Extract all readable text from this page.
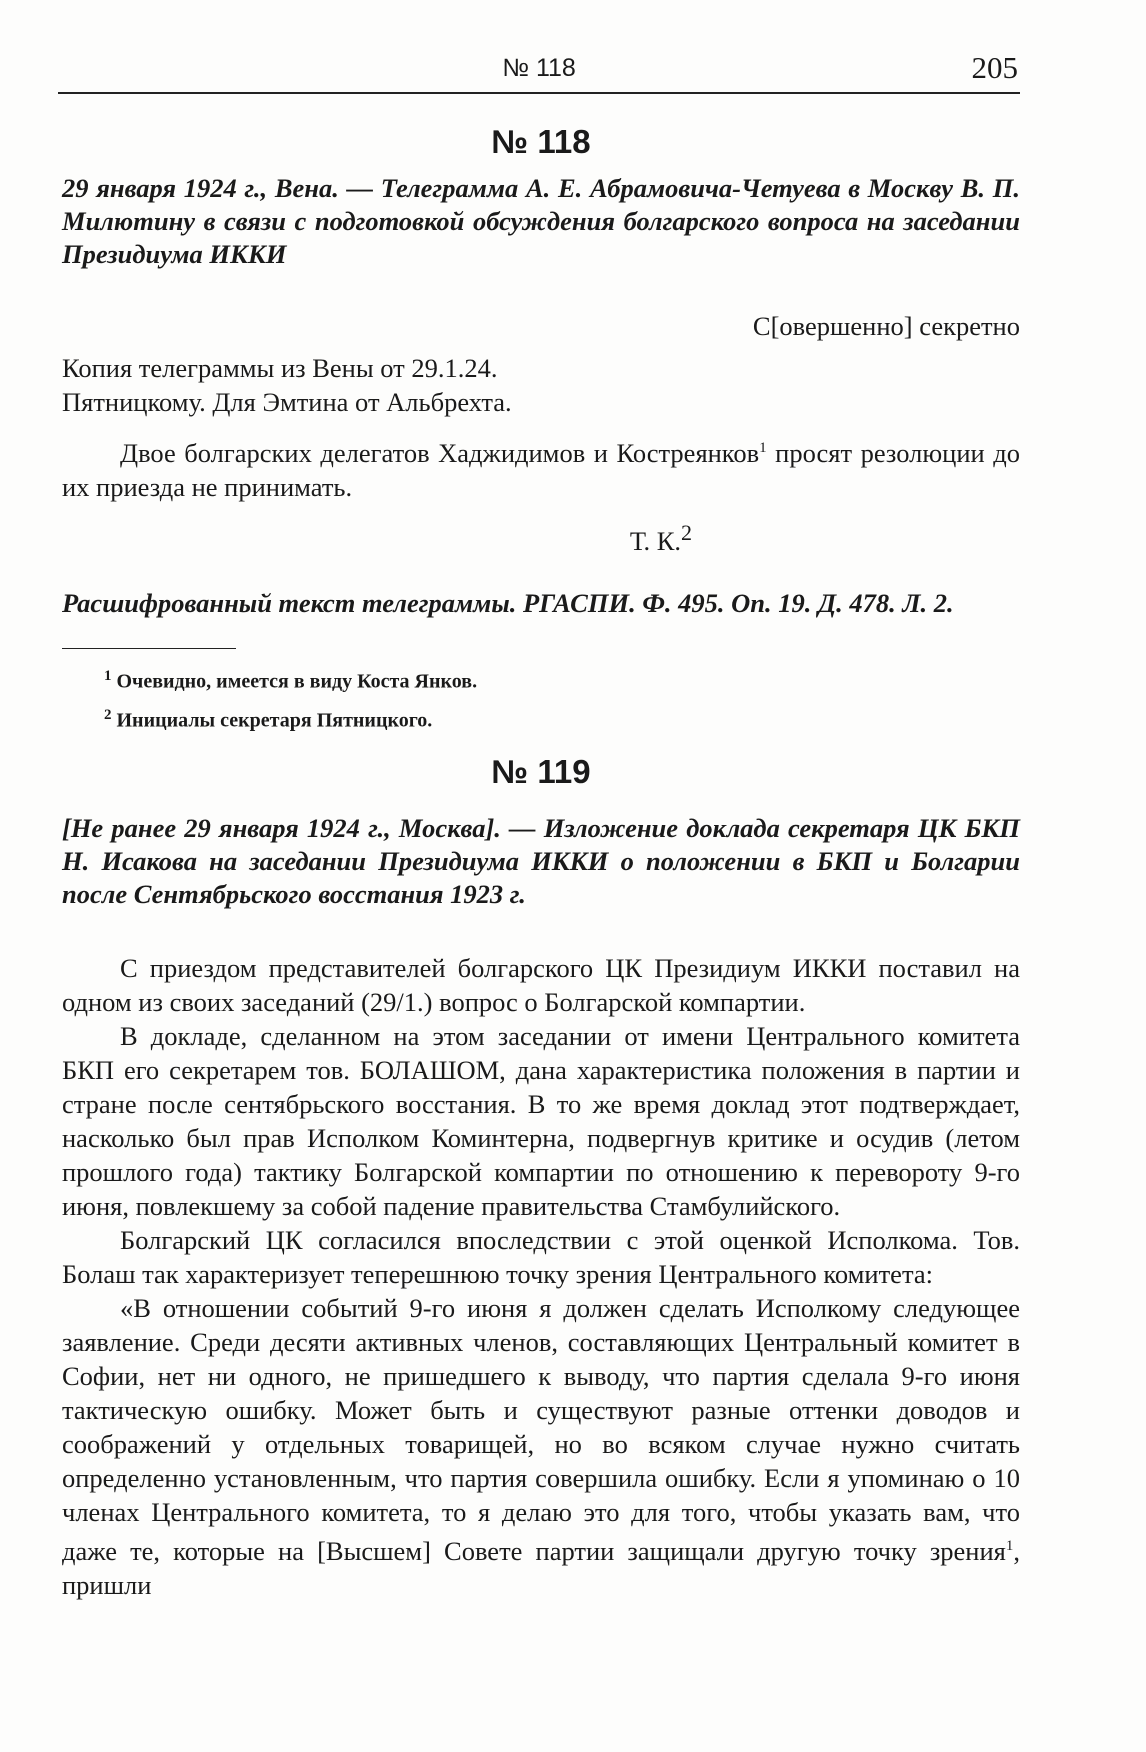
№ 118	205
№ 118

29 января 1924 г., Вена. — Телеграмма А. Е. Абрамовича-Четуева в Москву В. П. Милютину в связи с подготовкой обсуждения болгарского вопроса на заседании Президиума ИККИ

С[овершенно] секретно

Копия телеграммы из Вены от 29.1.24.

Пятницкому. Для Эмтина от Альбрехта.

Двое болгарских делегатов Хаджидимов и Кострeянков$^1$ просят резолюции до их приезда не принимать.

Т. К.$^2$

Расшифрованный текст телеграммы. РГАСПИ. Ф. 495. Оп. 19. Д. 478. Л. 2.

$^1$ Очевидно, имеется в виду Коста Янков.

$^2$ Инициалы секретаря Пятницкого.

№ 119

[Не ранее 29 января 1924 г., Москва]. — Изложение доклада секретаря ЦК БКП Н. Исакова на заседании Президиума ИККИ о положении в БКП и Болгарии после Сентябрьского восстания 1923 г.

С приездом представителей болгарского ЦК Президиум ИККИ поставил на одном из своих заседаний (29/1.) вопрос о Болгарской компартии.

В докладе, сделанном на этом заседании от имени Центрального комитета БКП его секретарем тов. БОЛАШОМ, дана характеристика положения в партии и стране после сентябрьского восстания. В то же время доклад этот подтверждает, насколько был прав Исполком Коминтерна, подвергнув критике и осудив (летом прошлого года) тактику Болгарской компартии по отношению к перевороту 9-го июня, повлекшему за собой падение правительства Стамбулийского.

Болгарский ЦК согласился впоследствии с этой оценкой Исполкома. Тов. Болаш так характеризует теперешнюю точку зрения Центрального комитета:

«В отношении событий 9-го июня я должен сделать Исполкому следующее заявление. Среди десяти активных членов, составляющих Центральный комитет в Софии, нет ни одного, не пришедшего к выводу, что партия сделала 9-го июня тактическую ошибку. Может быть и существуют разные оттенки доводов и соображений у отдельных товарищей, но во всяком случае нужно считать определенно установленным, что партия совершила ошибку. Если я упоминаю о 10 членах Центрального комитета, то я делаю это для того, чтобы указать вам, что даже те, которые на [Высшем] Совете партии защищали другую точку зрения$^1$, пришли
